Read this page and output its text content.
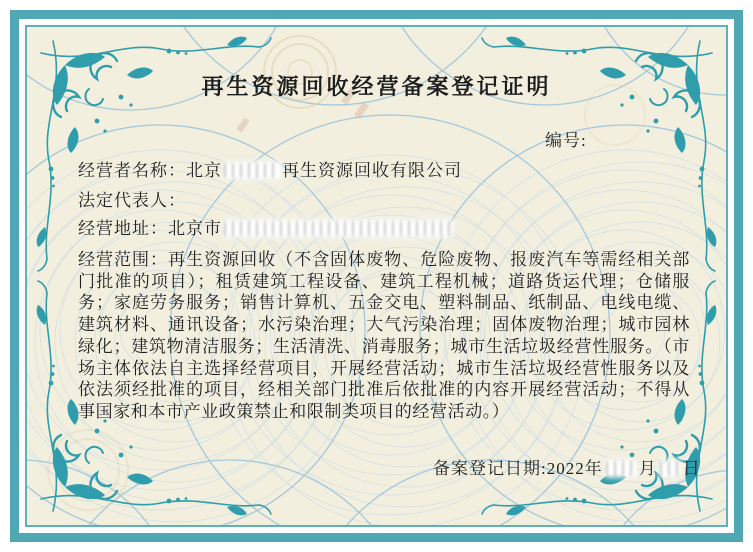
再生资源回收经营备案登记证明
编号:
经营者名称：北京	再生资源回收有限公司
法定代表人：
经营地址：北京市

经营范围：再生资源回收（不含固体废物、危险废物、报废汽车等需经相关部门批准的项目）；租赁建筑工程设备、建筑工程机械；道路货运代理；仓储服务；家庭劳务服务；销售计算机、五金交电、塑料制品、纸制品、电线电缆、建筑材料、通讯设备；水污染治理；大气污染治理；固体废物治理；城市园林绿化；建筑物清洁服务；生活清洗、消毒服务；城市生活垃圾经营性服务。（市场主体依法自主选择经营项目，开展经营活动；城市生活垃圾经营性服务以及依法须经批准的项目，经相关部门批准后依批准的内容开展经营活动；不得从事国家和本市产业政策禁止和限制类项目的经营活动。）

备案登记日期:2022年 月 日
